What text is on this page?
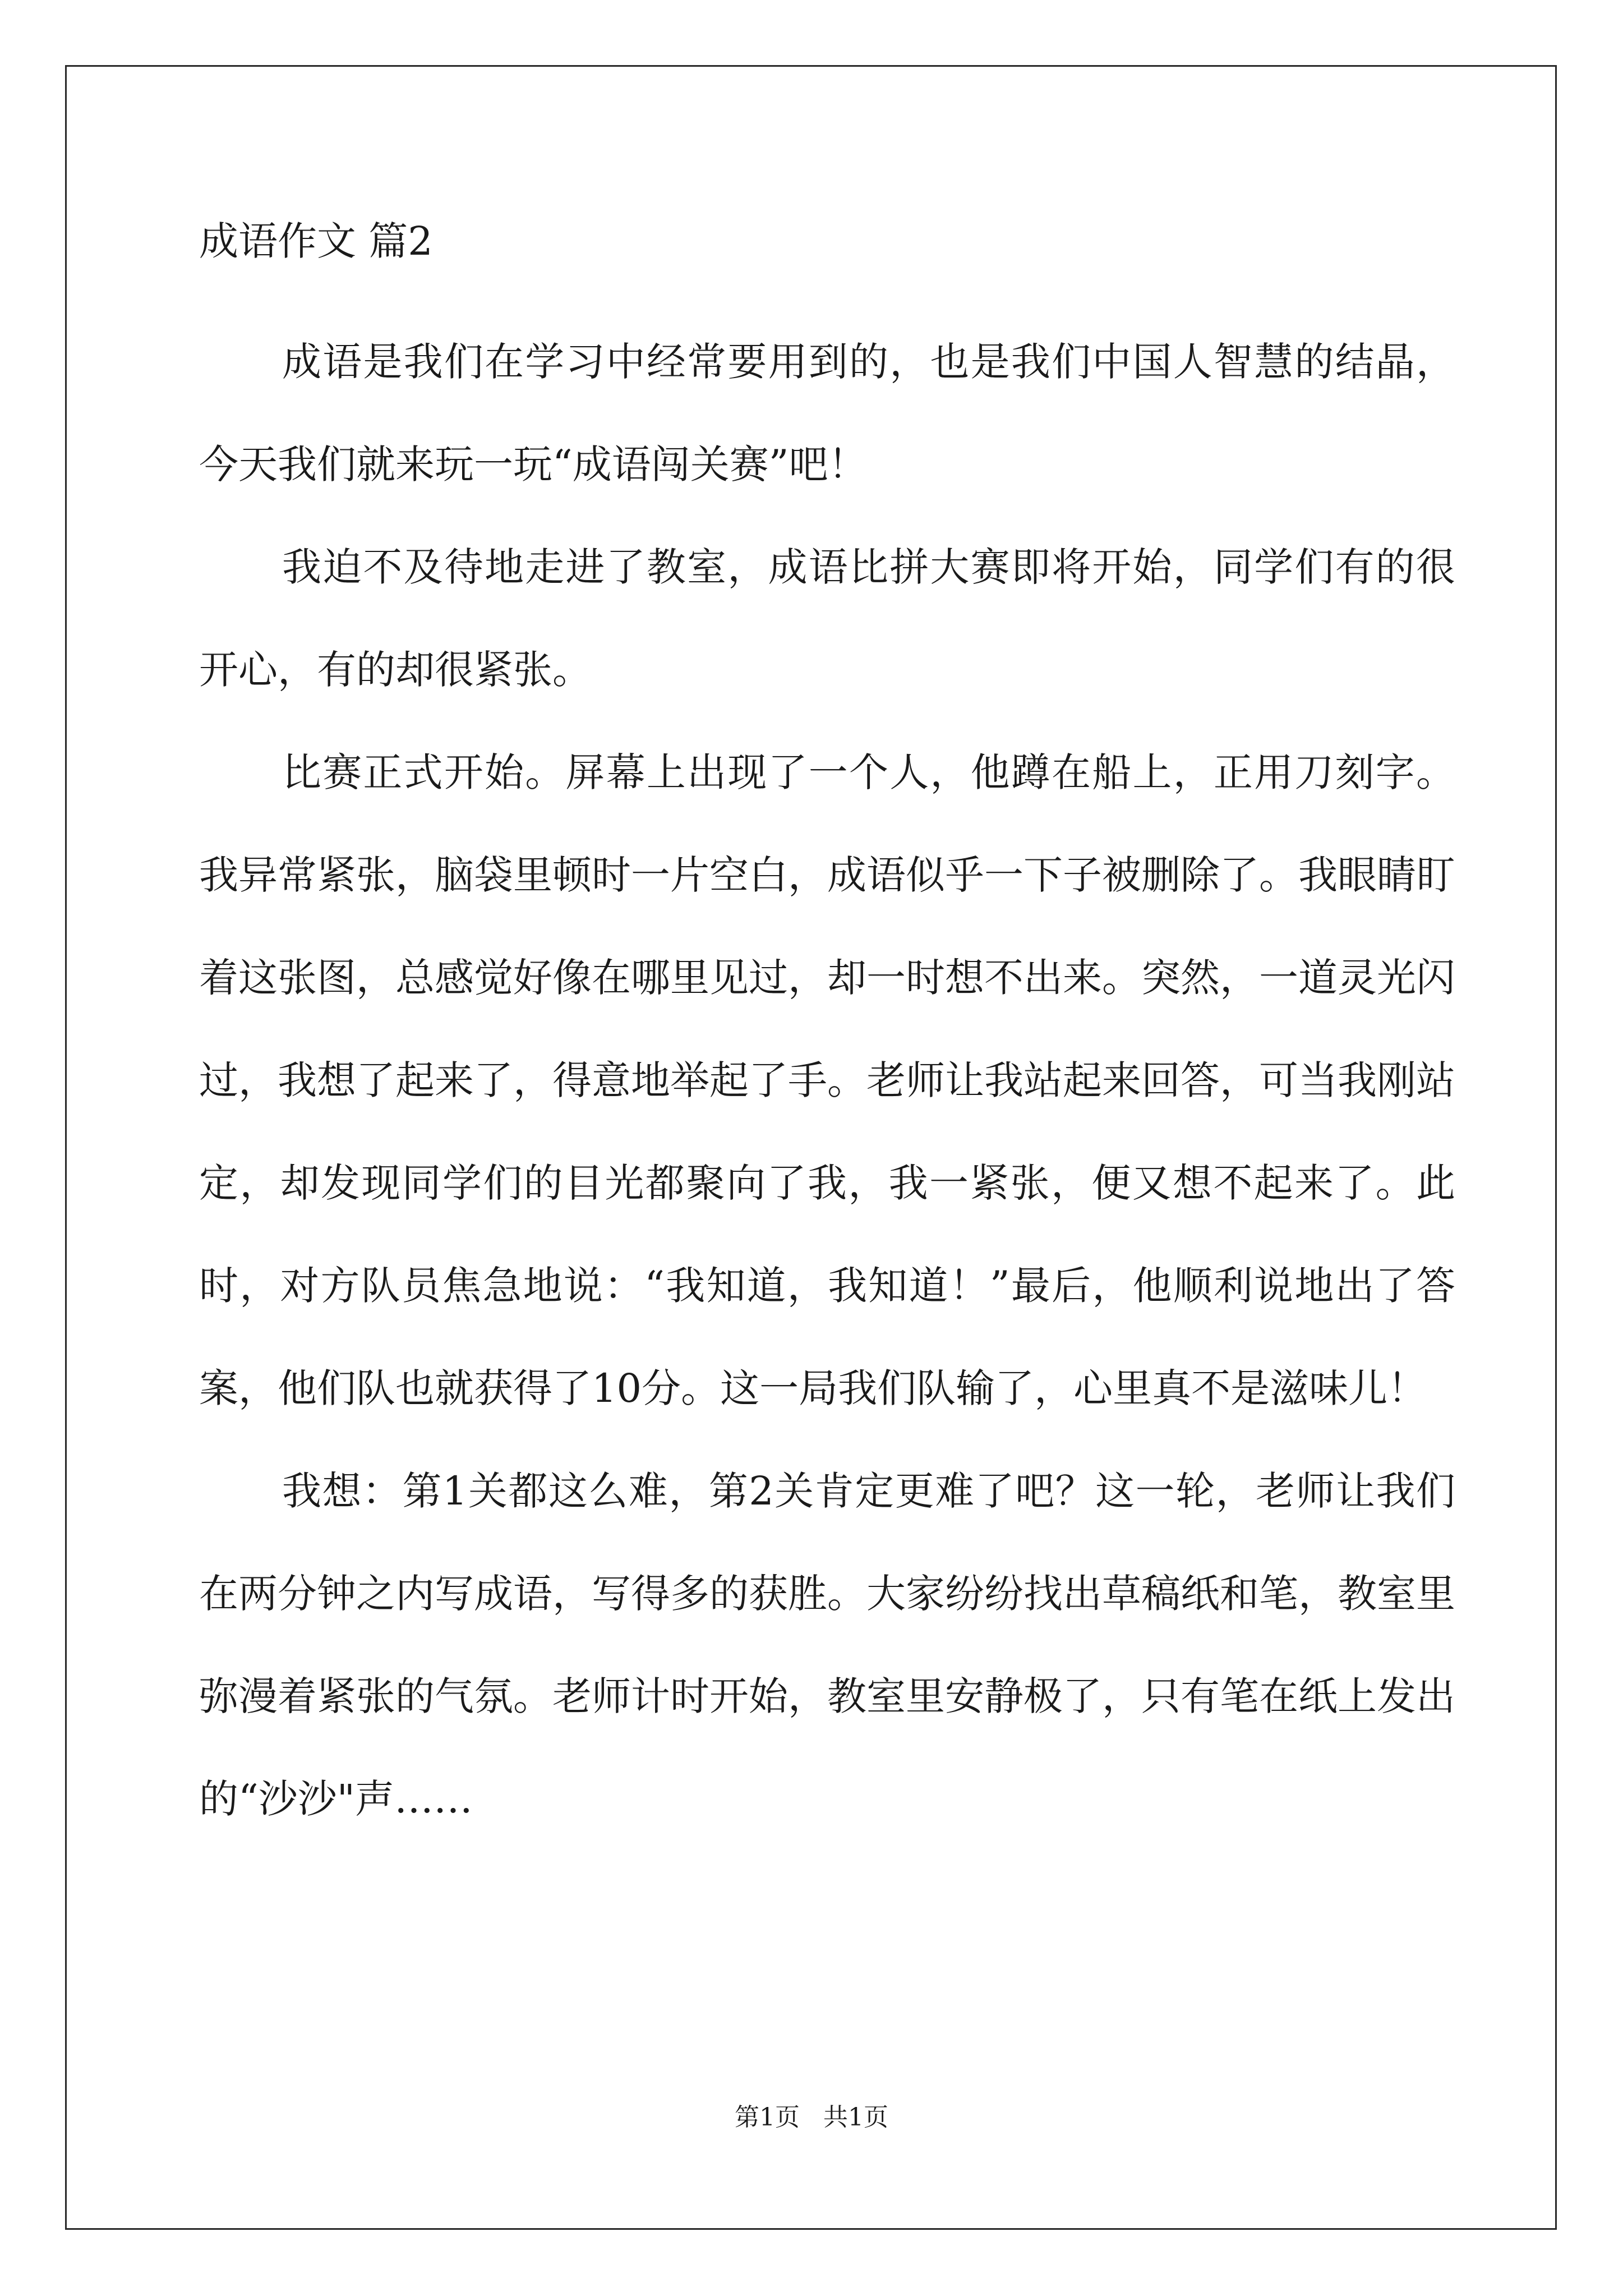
成语作文 篇2

成语是我们在学习中经常要用到的，也是我们中国人智慧的结晶，今天我们就来玩一玩“成语闯关赛”吧！

我迫不及待地走进了教室，成语比拼大赛即将开始，同学们有的很开心，有的却很紧张。

比赛正式开始。屏幕上出现了一个人，他蹲在船上，正用刀刻字。我异常紧张，脑袋里顿时一片空白，成语似乎一下子被删除了。我眼睛盯着这张图，总感觉好像在哪里见过，却一时想不出来。突然，一道灵光闪过，我想了起来了，得意地举起了手。老师让我站起来回答，可当我刚站定，却发现同学们的目光都聚向了我，我一紧张，便又想不起来了。此时，对方队员焦急地说：“我知道，我知道！”最后，他顺利说地出了答案，他们队也就获得了10分。这一局我们队输了，心里真不是滋味儿！

我想：第1关都这么难，第2关肯定更难了吧？这一轮，老师让我们在两分钟之内写成语，写得多的获胜。大家纷纷找出草稿纸和笔，教室里弥漫着紧张的气氛。老师计时开始，教室里安静极了，只有笔在纸上发出的“沙沙"声……

第1页   共1页
